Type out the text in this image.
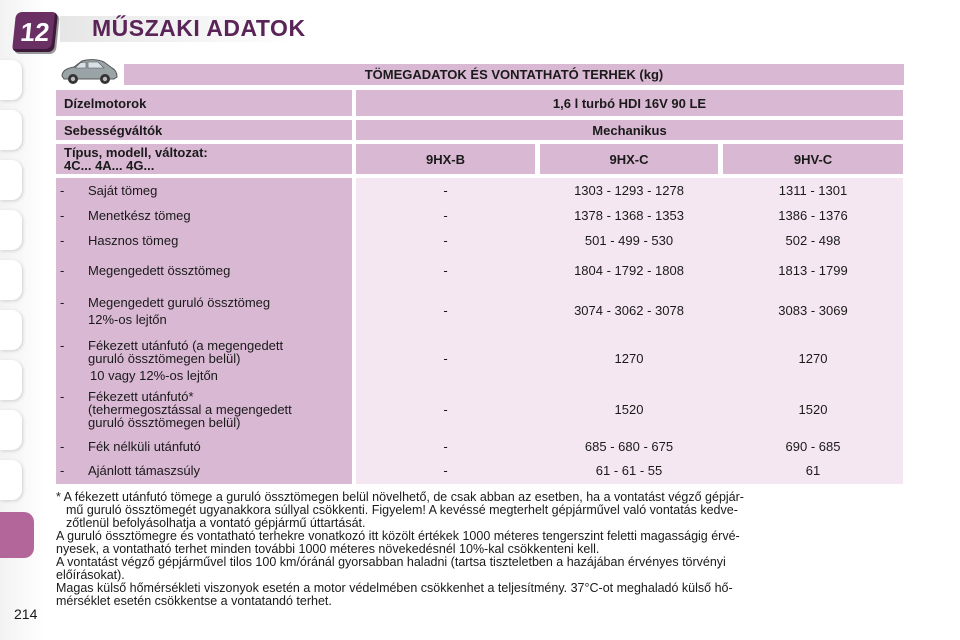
12	MŰSZAKI ADATOK
TÖMEGADATOK ÉS VONTATHATÓ TERHEK (kg)
Dízelmotorok	1,6 l turbó HDI 16V 90 LE
Sebességváltók	Mechanikus
Típus, modell, változat:
4C... 4A... 4G...	9HX-B	9HX-C	9HV-C
- Saját tömeg	-	1303 - 1293 - 1278	1311 - 1301
- Menetkész tömeg	-	1378 - 1368 - 1353	1386 - 1376
- Hasznos tömeg	-	501 - 499 - 530	502 - 498
- Megengedett össztömeg	-	1804 - 1792 - 1808	1813 - 1799
- Megengedett guruló össztömeg
12%-os lejtőn
-	3074 - 3062 - 3078	3083 - 3069
- Fékezett utánfutó (a megengedett
guruló össztömegen belül)
10 vagy 12%-os lejtőn
-	1270	1270
- Fékezett utánfutó*
(tehermegosztással a megengedett
guruló össztömegen belül)
-	1520	1520
- Fék nélküli utánfutó	-	685 - 680 - 675	690 - 685
- Ajánlott támaszsúly	-	61 - 61 - 55	61
* A fékezett utánfutó tömege a guruló össztömegen belül növelhető, de csak abban az esetben, ha a vontatást végző gépjár-
mű guruló össztömegét ugyanakkora súllyal csökkenti. Figyelem! A kevéssé megterhelt gépjárművel való vontatás kedve-
zőtlenül befolyásolhatja a vontató gépjármű úttartását.
A guruló össztömegre és vontatható terhekre vonatkozó itt közölt értékek 1000 méteres tengerszint feletti magasságig érvé-
nyesek, a vontatható terhet minden további 1000 méteres növekedésnél 10%-kal csökkenteni kell.
A vontatást végző gépjárművel tilos 100 km/óránál gyorsabban haladni (tartsa tiszteletben a hazájában érvényes törvényi
előírásokat).
Magas külső hőmérsékleti viszonyok esetén a motor védelmében csökkenhet a teljesítmény. 37°C-ot meghaladó külső hő-
mérséklet esetén csökkentse a vontatandó terhet.
214
